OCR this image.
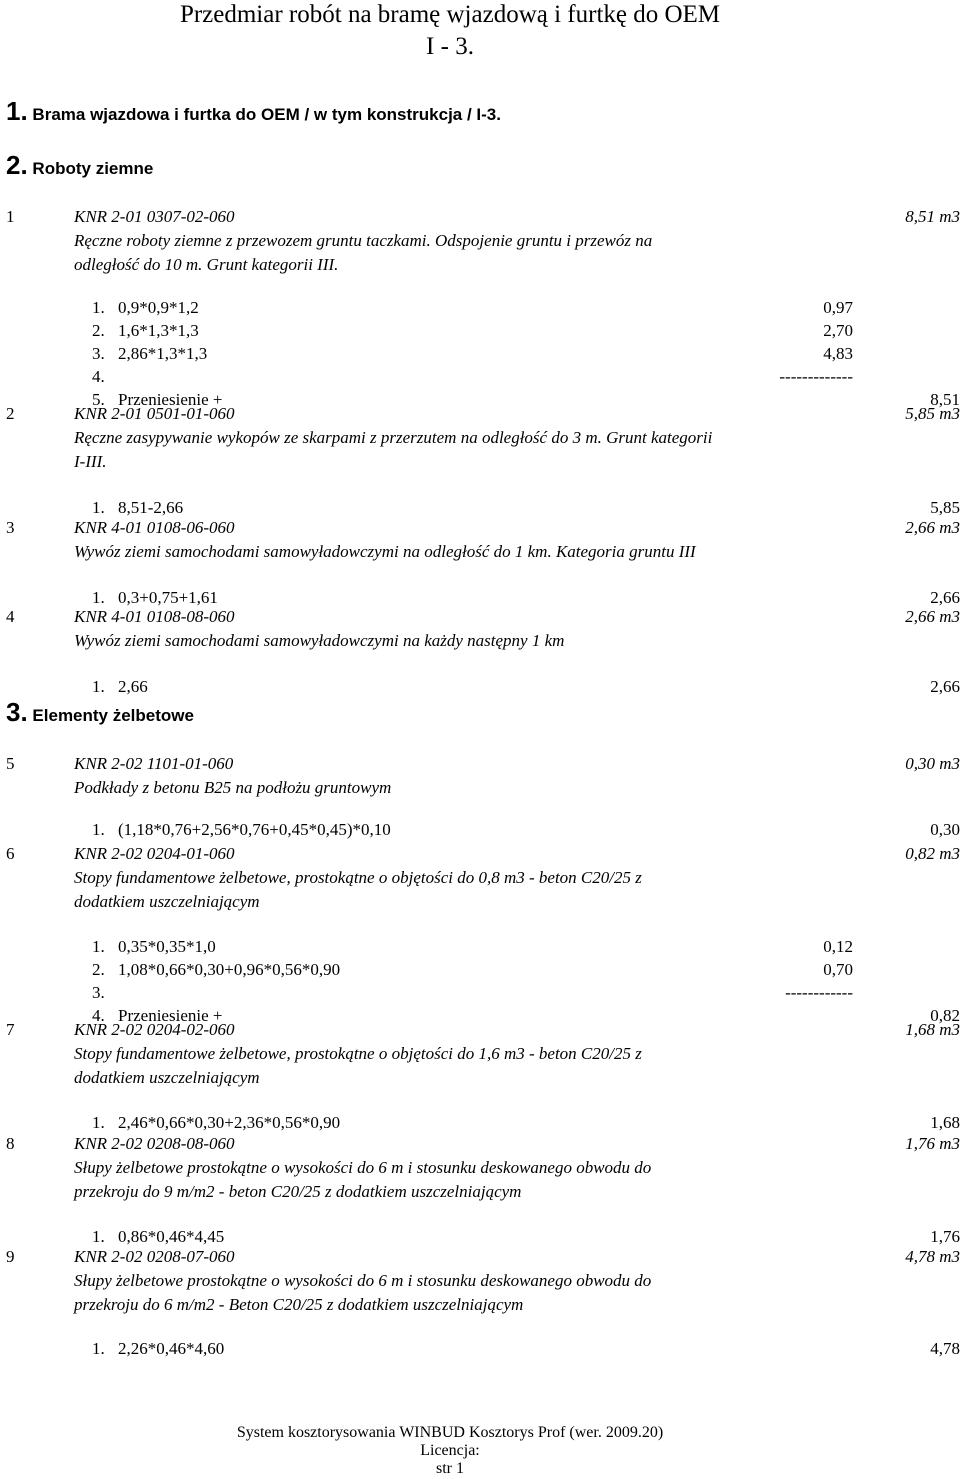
Przedmiar robót na bramę wjazdową i furtkę do OEM
I - 3.
1. Brama wjazdowa i furtka do OEM / w tym konstrukcja / I-3.
2. Roboty ziemne
3. Elementy żelbetowe
1	KNR 2-01 0307-02-060	8,51 m3
Ręczne roboty ziemne z przewozem gruntu taczkami. Odspojenie gruntu i przewóz na
odległość do 10 m. Grunt kategorii III.
1. 0,9*0,9*1,2	0,97
2. 1,6*1,3*1,3	2,70
3. 2,86*1,3*1,3	4,83
4.	-------------
5. Przeniesienie +	8,51
2	KNR 2-01 0501-01-060	5,85 m3
Ręczne zasypywanie wykopów ze skarpami z przerzutem na odległość do 3 m. Grunt kategorii
I-III.
1. 8,51-2,66	5,85
3	KNR 4-01 0108-06-060	2,66 m3
Wywóz ziemi samochodami samowyładowczymi na odległość do 1 km. Kategoria gruntu III
1. 0,3+0,75+1,61	2,66
4	KNR 4-01 0108-08-060	2,66 m3
Wywóz ziemi samochodami samowyładowczymi na każdy następny 1 km
1. 2,66	2,66
5	KNR 2-02 1101-01-060	0,30 m3
Podkłady z betonu B25 na podłożu gruntowym
1. (1,18*0,76+2,56*0,76+0,45*0,45)*0,10	0,30
6	KNR 2-02 0204-01-060	0,82 m3
Stopy fundamentowe żelbetowe, prostokątne o objętości do 0,8 m3 - beton C20/25 z
dodatkiem uszczelniającym
1. 0,35*0,35*1,0	0,12
2. 1,08*0,66*0,30+0,96*0,56*0,90	0,70
3.	------------
4. Przeniesienie +	0,82
7	KNR 2-02 0204-02-060	1,68 m3
Stopy fundamentowe żelbetowe, prostokątne o objętości do 1,6 m3 - beton C20/25 z
dodatkiem uszczelniającym
1. 2,46*0,66*0,30+2,36*0,56*0,90	1,68
8	KNR 2-02 0208-08-060	1,76 m3
Słupy żelbetowe prostokątne o wysokości do 6 m i stosunku deskowanego obwodu do
przekroju do 9 m/m2 - beton C20/25 z dodatkiem uszczelniającym
1. 0,86*0,46*4,45	1,76
9	KNR 2-02 0208-07-060	4,78 m3
Słupy żelbetowe prostokątne o wysokości do 6 m i stosunku deskowanego obwodu do
przekroju do 6 m/m2 - Beton C20/25 z dodatkiem uszczelniającym
1. 2,26*0,46*4,60	4,78
System kosztorysowania WINBUD Kosztorys Prof (wer. 2009.20)
Licencja:
str 1
